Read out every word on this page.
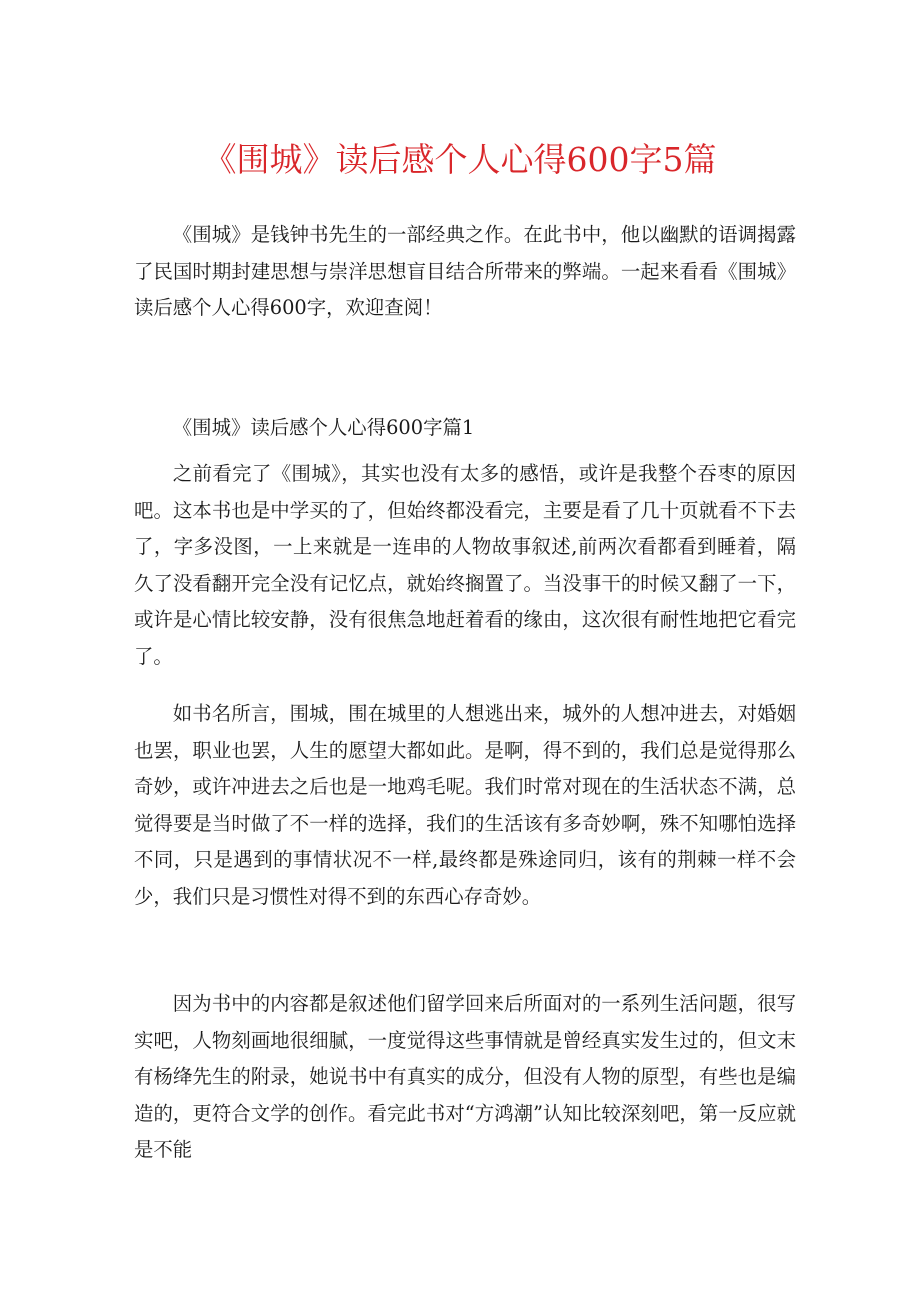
《围城》读后感个人心得600字5篇

《围城》是钱钟书先生的一部经典之作。在此书中，他以幽默的语调揭露了民国时期封建思想与崇洋思想盲目结合所带来的弊端。一起来看看《围城》读后感个人心得600字，欢迎查阅！

《围城》读后感个人心得600字篇1

之前看完了《围城》，其实也没有太多的感悟，或许是我整个吞枣的原因吧。这本书也是中学买的了，但始终都没看完，主要是看了几十页就看不下去了，字多没图，一上来就是一连串的人物故事叙述,前两次看都看到睡着，隔久了没看翻开完全没有记忆点，就始终搁置了。当没事干的时候又翻了一下，或许是心情比较安静，没有很焦急地赶着看的缘由，这次很有耐性地把它看完了。

如书名所言，围城，围在城里的人想逃出来，城外的人想冲进去，对婚姻也罢，职业也罢，人生的愿望大都如此。是啊，得不到的，我们总是觉得那么奇妙，或许冲进去之后也是一地鸡毛呢。我们时常对现在的生活状态不满，总觉得要是当时做了不一样的选择，我们的生活该有多奇妙啊，殊不知哪怕选择不同，只是遇到的事情状况不一样,最终都是殊途同归，该有的荆棘一样不会少，我们只是习惯性对得不到的东西心存奇妙。

因为书中的内容都是叙述他们留学回来后所面对的一系列生活问题，很写实吧，人物刻画地很细腻，一度觉得这些事情就是曾经真实发生过的，但文末有杨绛先生的附录，她说书中有真实的成分，但没有人物的原型，有些也是编造的，更符合文学的创作。看完此书对“方鸿潮”认知比较深刻吧，第一反应就是不能
